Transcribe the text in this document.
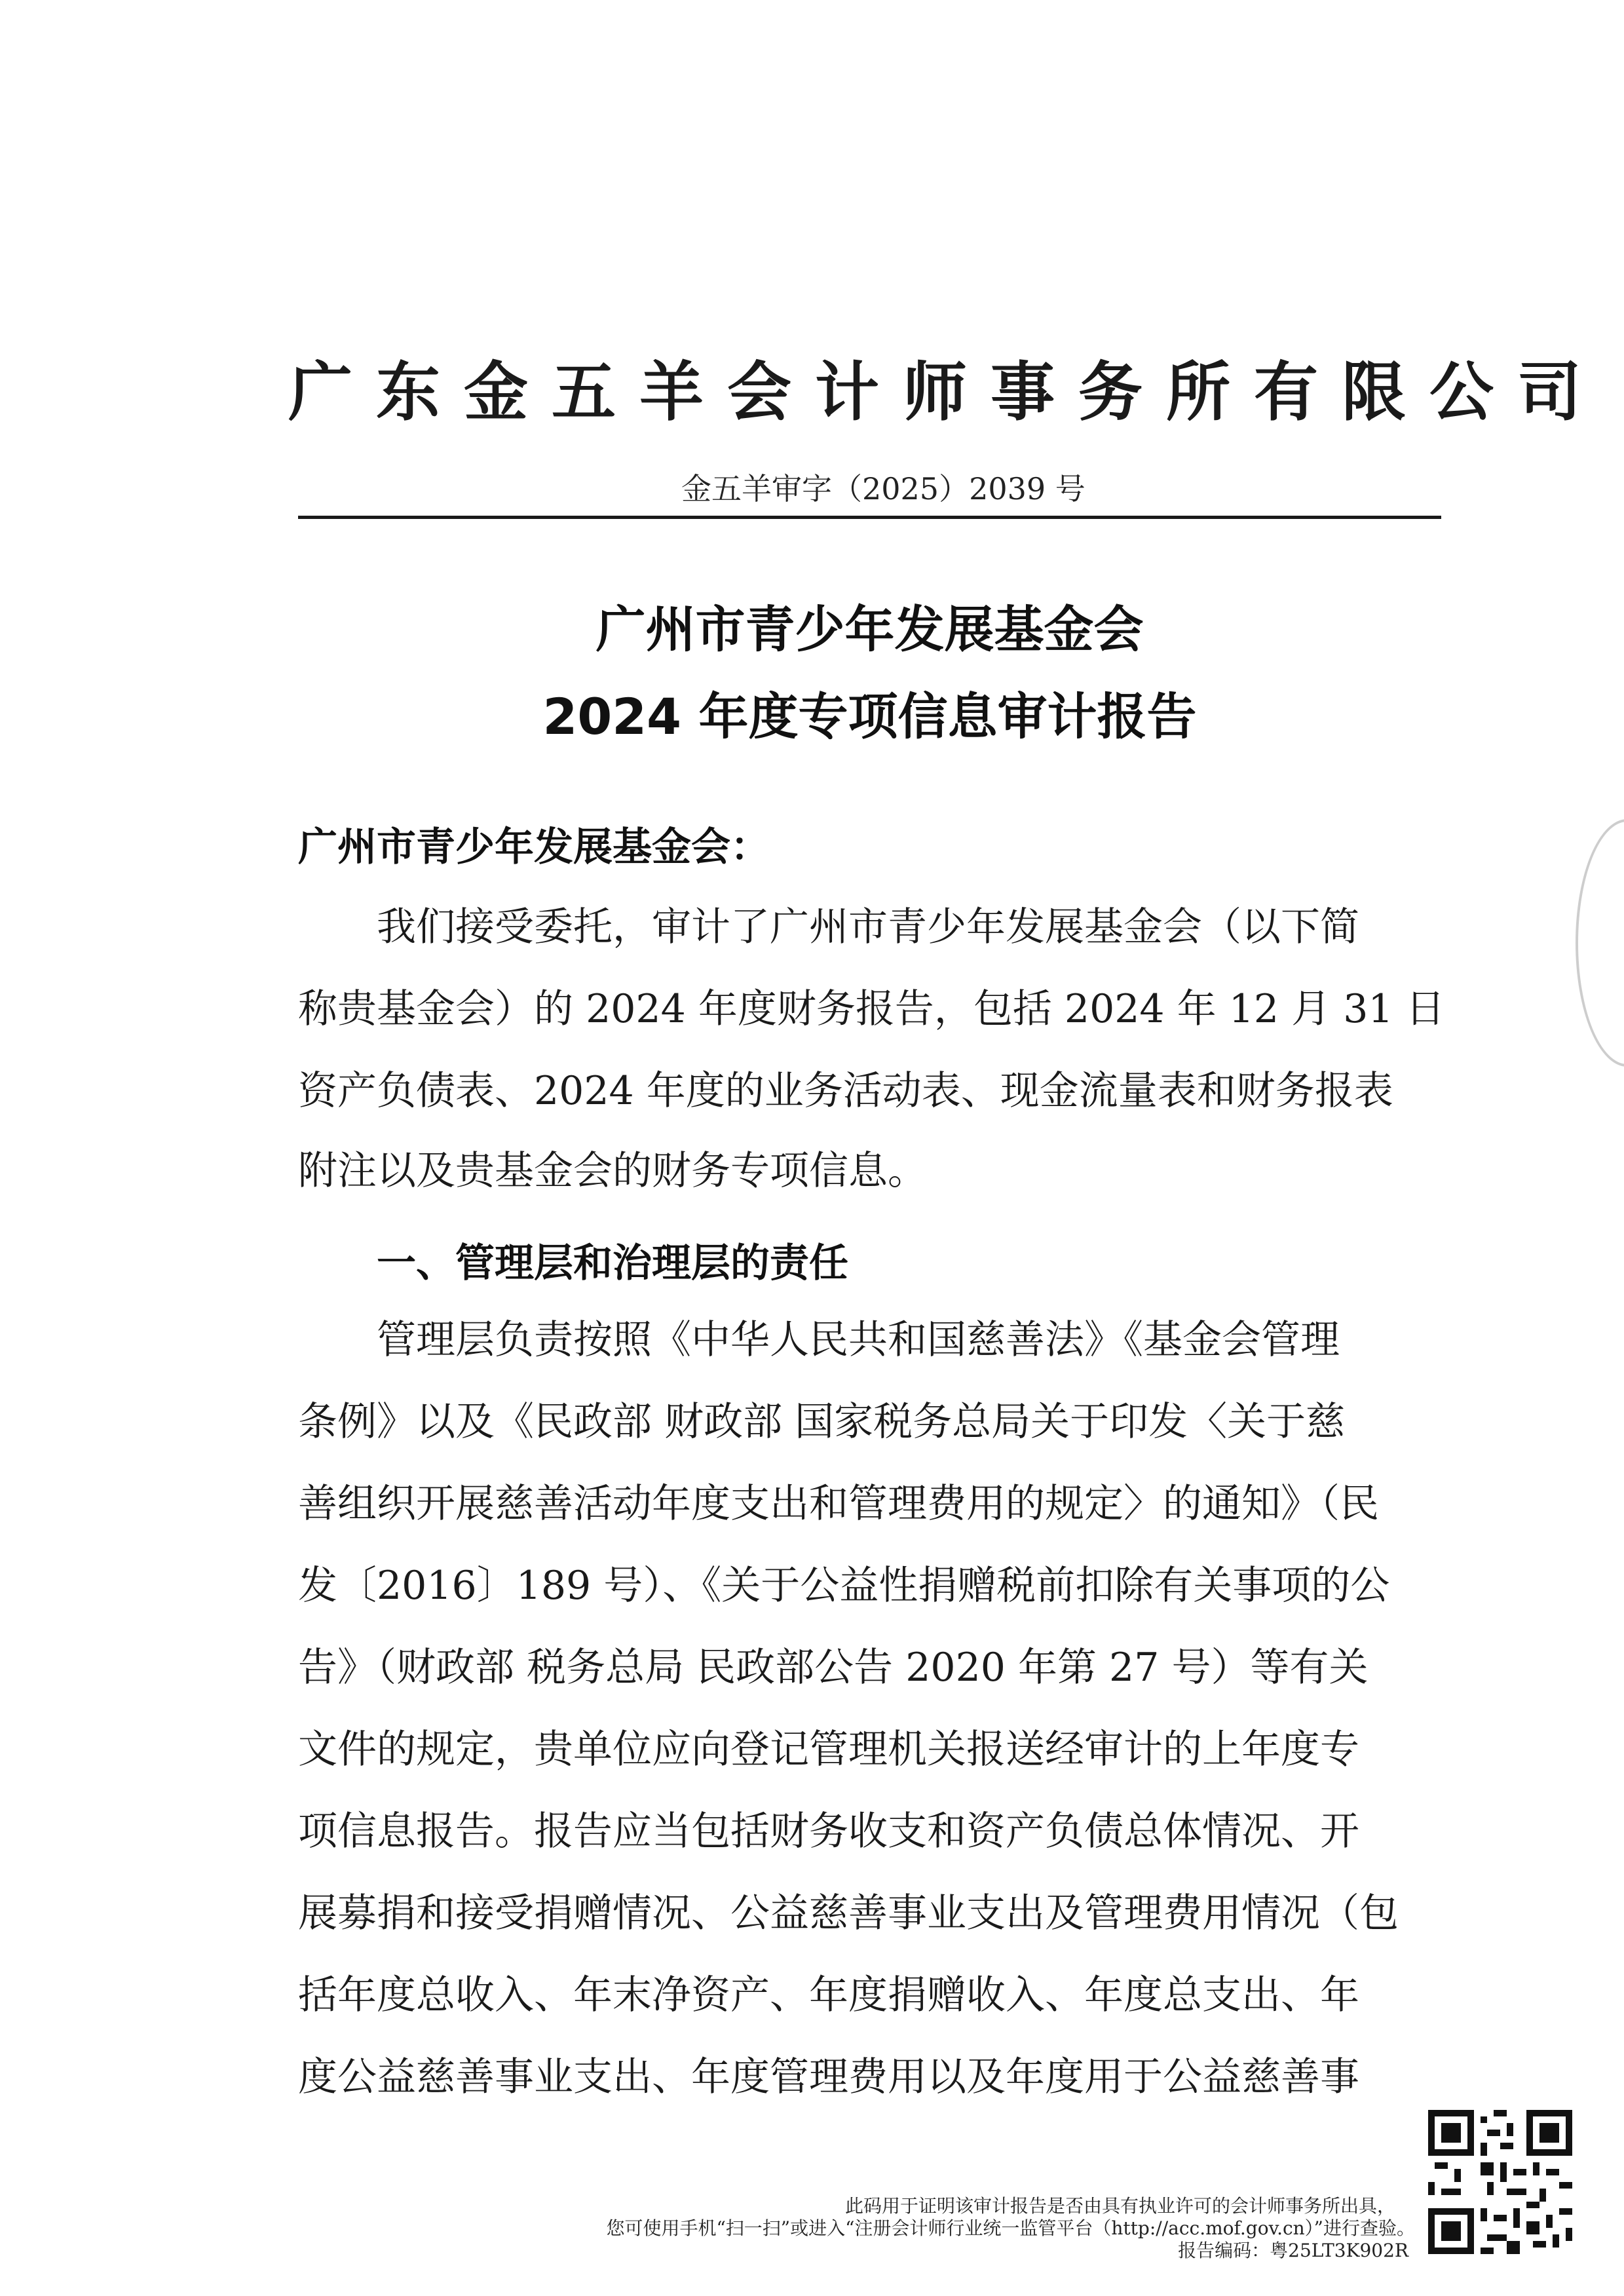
广东金五羊会计师事务所有限公司
金五羊审字（2025）2039 号
广州市青少年发展基金会
2024 年度专项信息审计报告
广州市青少年发展基金会：
我们接受委托，审计了广州市青少年发展基金会（以下简
称贵基金会）的 2024 年度财务报告，包括 2024 年 12 月 31 日
资产负债表、2024 年度的业务活动表、现金流量表和财务报表
附注以及贵基金会的财务专项信息。
一、管理层和治理层的责任
管理层负责按照《中华人民共和国慈善法》《基金会管理
条例》以及《民政部 财政部 国家税务总局关于印发〈关于慈
善组织开展慈善活动年度支出和管理费用的规定〉的通知》（民
发〔2016〕189 号）、《关于公益性捐赠税前扣除有关事项的公
告》（财政部 税务总局 民政部公告 2020 年第 27 号）等有关
文件的规定，贵单位应向登记管理机关报送经审计的上年度专
项信息报告。报告应当包括财务收支和资产负债总体情况、开
展募捐和接受捐赠情况、公益慈善事业支出及管理费用情况（包
括年度总收入、年末净资产、年度捐赠收入、年度总支出、年
度公益慈善事业支出、年度管理费用以及年度用于公益慈善事
此码用于证明该审计报告是否由具有执业许可的会计师事务所出具，
您可使用手机“扫一扫”或进入“注册会计师行业统一监管平台（http://acc.mof.gov.cn）”进行查验。
报告编码：粤25LT3K902R
